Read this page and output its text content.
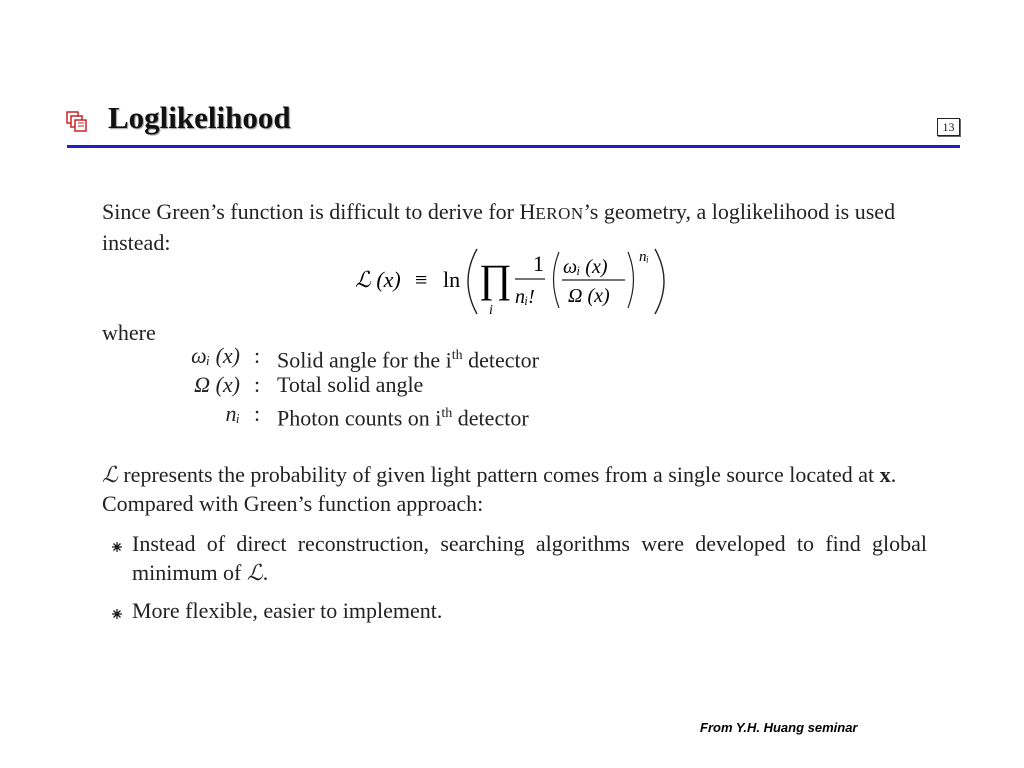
Loglikelihood	13
Since Green’s function is difficult to derive for HERON’s geometry, a loglikelihood is used instead:
ℒ (x) ≡ ln ∏
i
1
nᵢ!
ωᵢ (x)
Ω (x)
nᵢ
where
ωᵢ (x) : Solid angle for the $i^{th}$ detector
Ω (x) : Total solid angle
nᵢ : Photon counts on $i^{th}$ detector
ℒ represents the probability of given light pattern comes from a single source located at x. Compared with Green’s function approach:
Instead of direct reconstruction, searching algorithms were developed to find global minimum of ℒ.
More flexible, easier to implement.
From Y.H. Huang seminar
